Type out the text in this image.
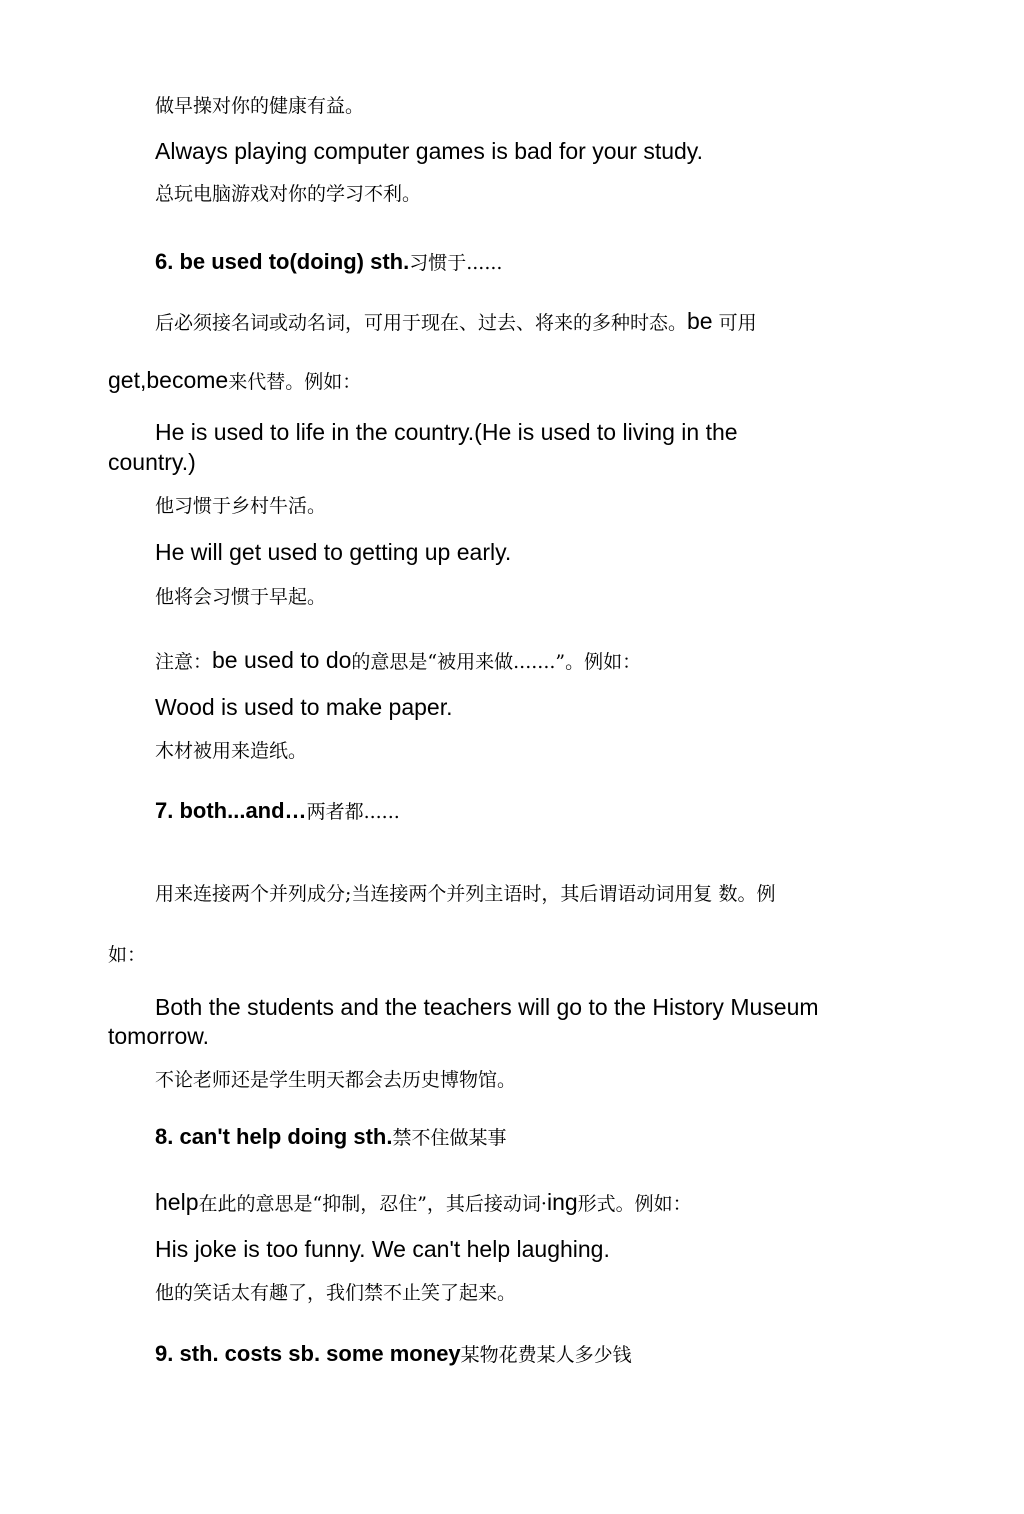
做早操对你的健康有益。

Always playing computer games is bad for your study.

总玩电脑游戏对你的学习不利。

6. be used to(doing) sth.习惯于......

后必须接名词或动名词，可用于现在、过去、将来的多种时态。be 可用

get,become来代替。例如：

He is used to life in the country.(He is used to living in the

country.)

他习惯于乡村牛活。

He will get used to getting up early.

他将会习惯于早起。

注意：be used to do的意思是“被用来做.......”。例如：

Wood is used to make paper.

木材被用来造纸。

7. both...and…两者都......

用来连接两个并列成分;当连接两个并列主语时，其后谓语动词用复 数。例

如：

Both the students and the teachers will go to the History Museum

tomorrow.

不论老师还是学生明天都会去历史博物馆。

8. can't help doing sth.禁不住做某事

help在此的意思是“抑制，忍住”，其后接动词·ing形式。例如：

His joke is too funny. We can't help laughing.

他的笑话太有趣了，我们禁不止笑了起来。

9. sth. costs sb. some money某物花费某人多少钱
